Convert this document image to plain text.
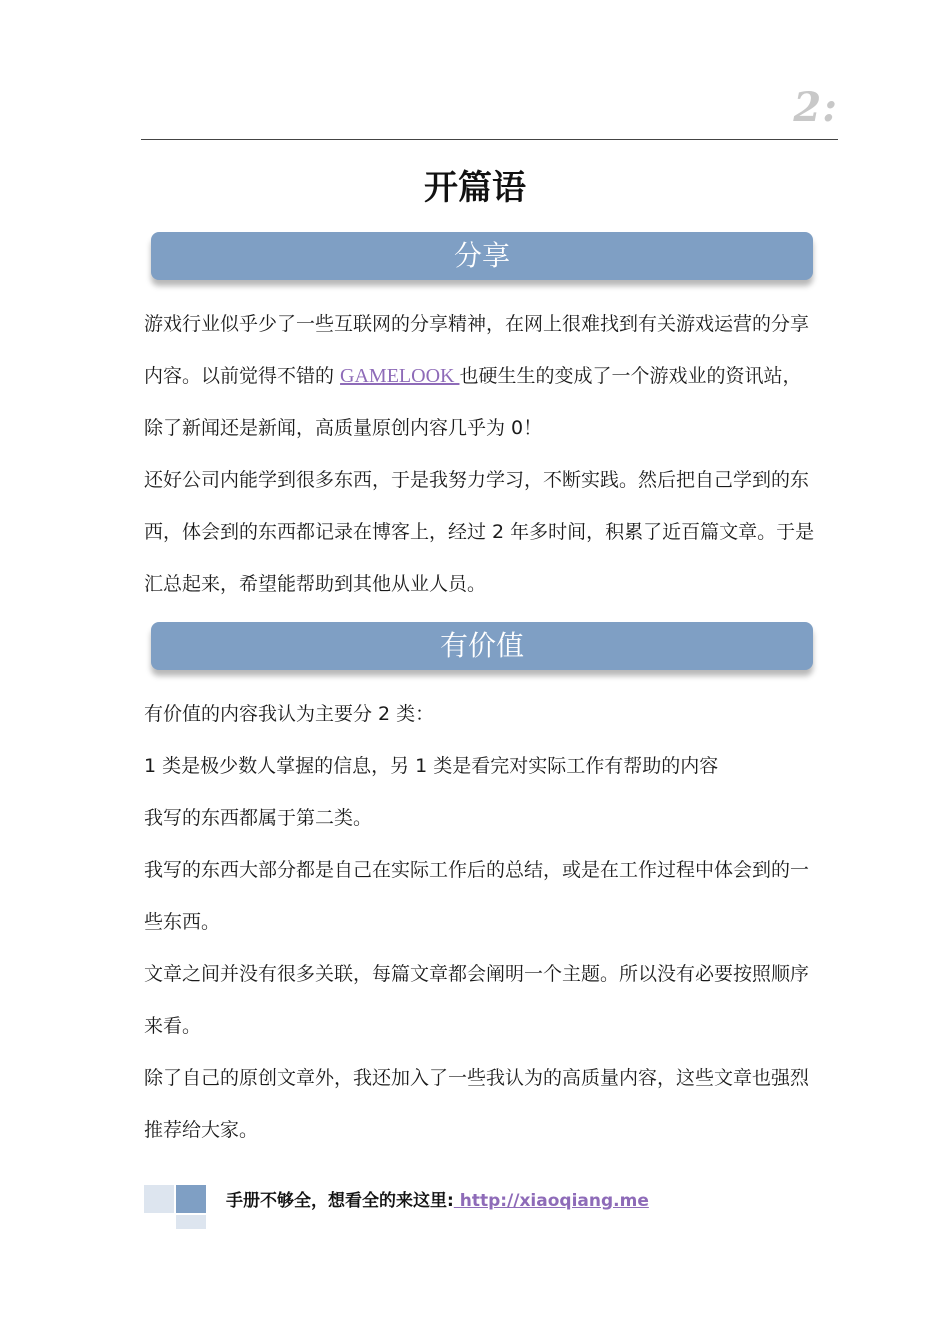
2:
开篇语
分享
游戏行业似乎少了一些互联网的分享精神，在网上很难找到有关游戏运营的分享
内容。以前觉得不错的 GAMELOOK 也硬生生的变成了一个游戏业的资讯站，
除了新闻还是新闻，高质量原创内容几乎为 0！
还好公司内能学到很多东西，于是我努力学习，不断实践。然后把自己学到的东
西，体会到的东西都记录在博客上，经过 2 年多时间，积累了近百篇文章。于是
汇总起来，希望能帮助到其他从业人员。
有价值
有价值的内容我认为主要分 2 类：
1 类是极少数人掌握的信息，另 1 类是看完对实际工作有帮助的内容
我写的东西都属于第二类。
我写的东西大部分都是自己在实际工作后的总结，或是在工作过程中体会到的一
些东西。
文章之间并没有很多关联，每篇文章都会阐明一个主题。所以没有必要按照顺序
来看。
除了自己的原创文章外，我还加入了一些我认为的高质量内容，这些文章也强烈
推荐给大家。
手册不够全，想看全的来这里: http://xiaoqiang.me
